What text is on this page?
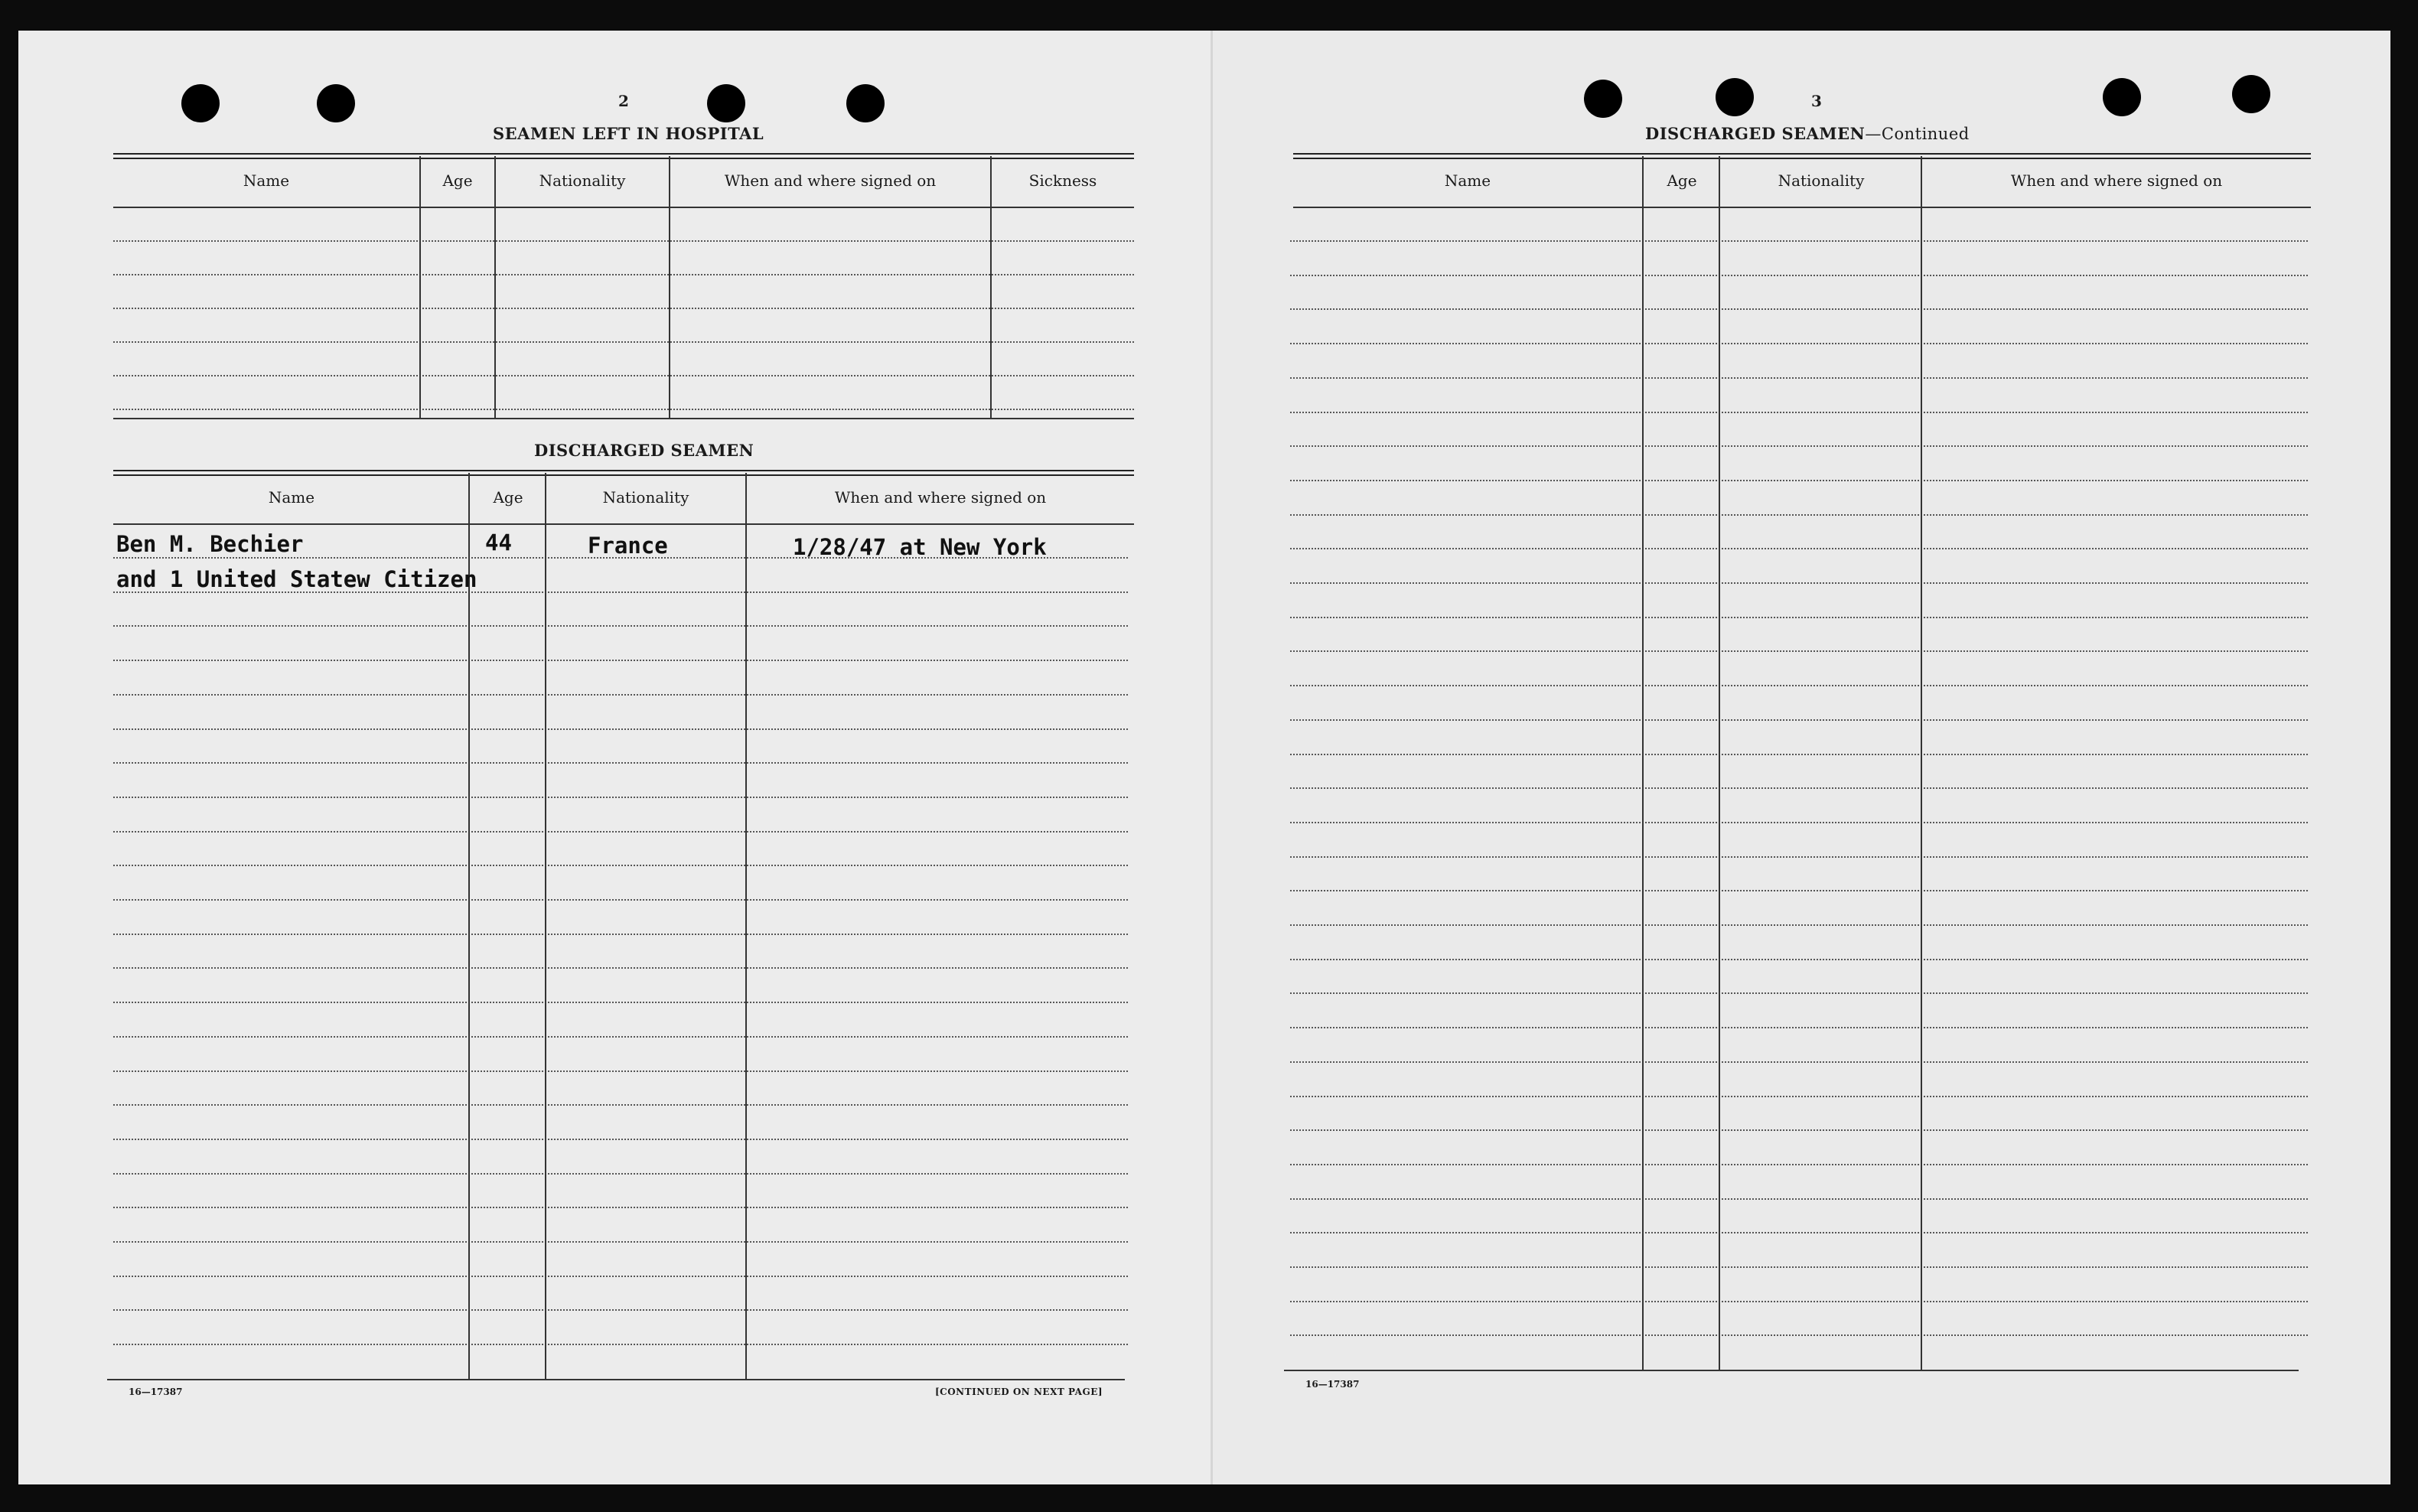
2
SEAMEN LEFT IN HOSPITAL
Name	Age	Nationality	When and where signed on	Sickness
DISCHARGED SEAMEN
Name	Age	Nationality	When and where signed on
Ben M. Bechier	44	France	1/28/47 at New York
and 1 United Statew Citizen
16—17387	[CONTINUED ON NEXT PAGE]
3
DISCHARGED SEAMEN—Continued
Name	Age	Nationality	When and where signed on
16—17387
